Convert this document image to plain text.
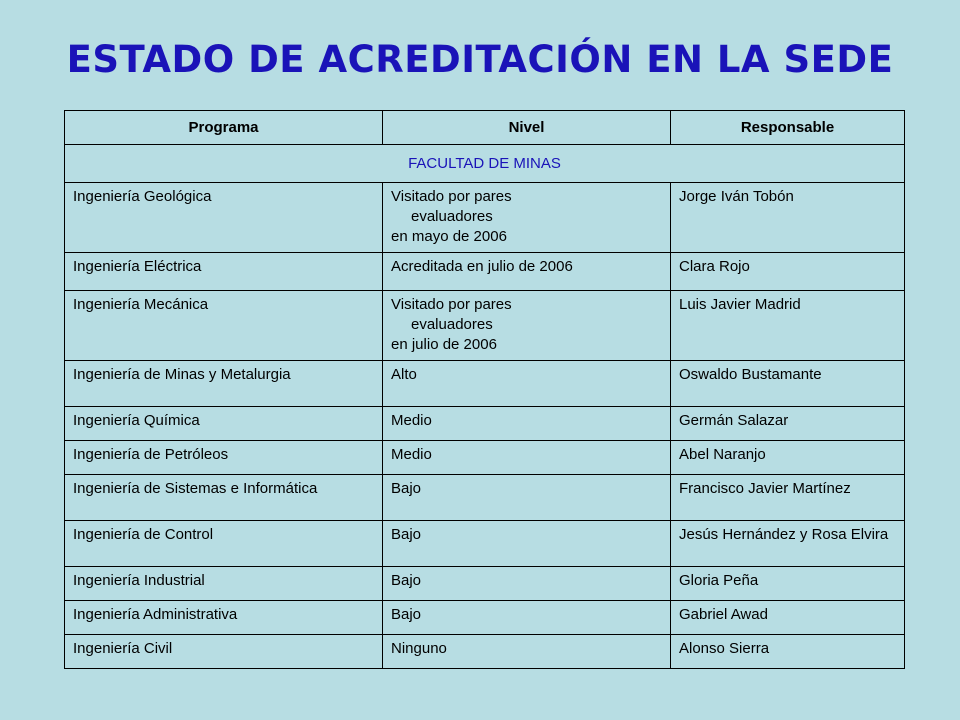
ESTADO DE ACREDITACIÓN EN LA SEDE
Programa	Nivel	Responsable
FACULTAD DE MINAS		
Ingeniería Geológica	Visitado por pares
evaluadores
en mayo de 2006	Jorge Iván Tobón
Ingeniería Eléctrica	Acreditada en julio de 2006	Clara Rojo
Ingeniería Mecánica	Visitado por pares
evaluadores
en julio de 2006	Luis Javier Madrid
Ingeniería de Minas y Metalurgia	Alto	Oswaldo Bustamante
Ingeniería Química	Medio	Germán Salazar
Ingeniería de Petróleos	Medio	Abel Naranjo
Ingeniería de Sistemas e Informática	Bajo	Francisco Javier Martínez
Ingeniería de Control	Bajo	Jesús Hernández y Rosa Elvira
Ingeniería Industrial	Bajo	Gloria Peña
Ingeniería Administrativa	Bajo	Gabriel Awad
Ingeniería Civil	Ninguno	Alonso Sierra
